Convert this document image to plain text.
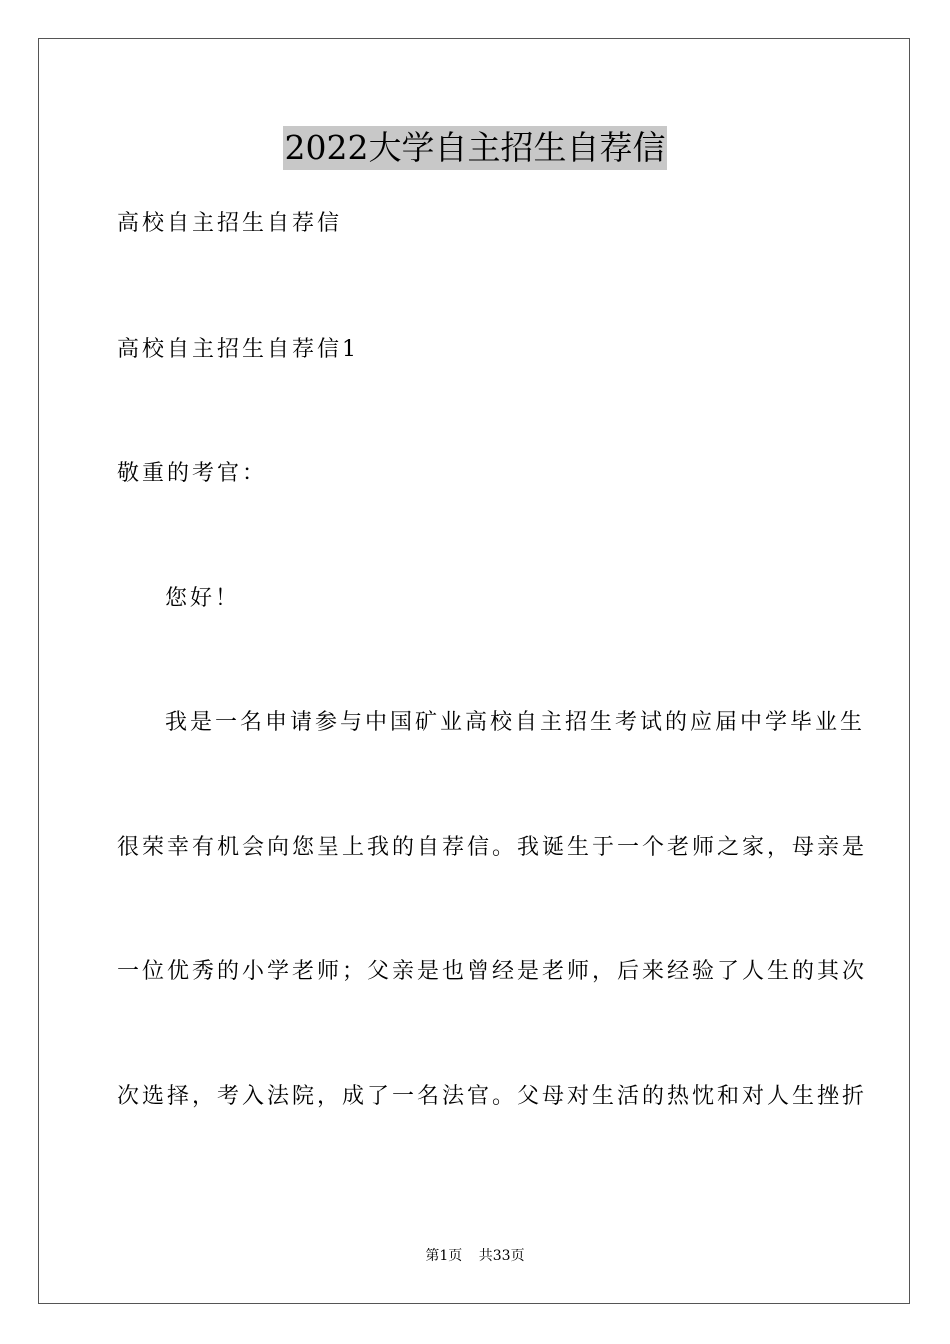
2022大学自主招生自荐信
高校自主招生自荐信
高校自主招生自荐信1
敬重的考官：
您好！
我是一名申请参与中国矿业高校自主招生考试的应届中学毕业生
很荣幸有机会向您呈上我的自荐信。我诞生于一个老师之家，母亲是
一位优秀的小学老师；父亲是也曾经是老师，后来经验了人生的其次
次选择，考入法院，成了一名法官。父母对生活的热忱和对人生挫折
第1页 共33页
